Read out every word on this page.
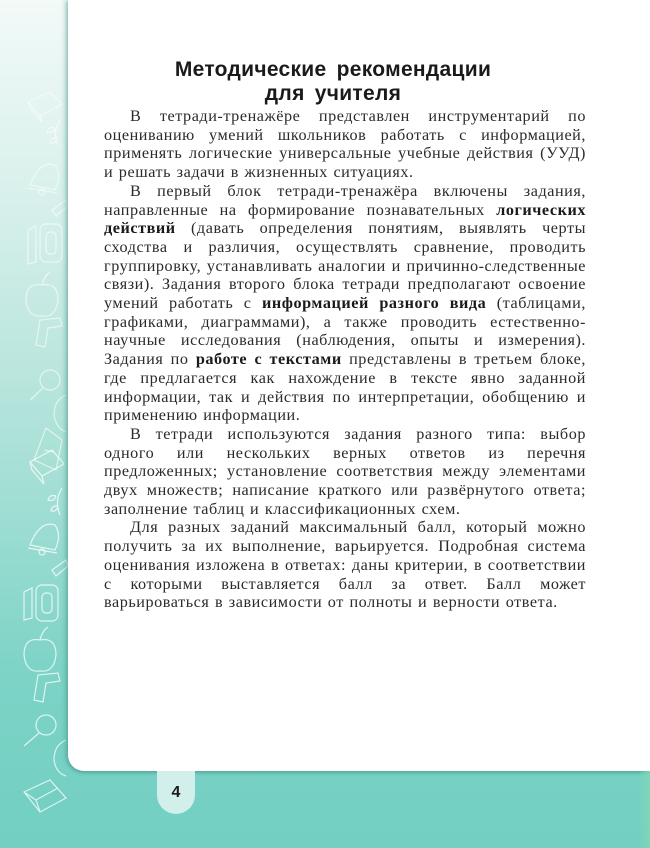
Методические рекомендации
для учителя

В тетради-тренажёре представлен инструментарий по оцениванию умений школьников работать с информацией, применять логические универсальные учебные действия (УУД) и решать задачи в жизненных ситуациях.

В первый блок тетради-тренажёра включены задания, направленные на формирование познавательных логических действий (давать определения понятиям, выявлять черты сходства и различия, осуществлять сравнение, проводить группировку, устанавливать аналогии и причинно-следственные связи). Задания второго блока тетради предполагают освоение умений работать с информацией разного вида (таблицами, графиками, диаграммами), а также проводить естественно-научные исследования (наблюдения, опыты и измерения). Задания по работе с текстами представлены в третьем блоке, где предлагается как нахождение в тексте явно заданной информации, так и действия по интерпретации, обобщению и применению информации.

В тетради используются задания разного типа: выбор одного или нескольких верных ответов из перечня предложенных; установление соответствия между элементами двух множеств; написание краткого или развёрнутого ответа; заполнение таблиц и классификационных схем.

Для разных заданий максимальный балл, который можно получить за их выполнение, варьируется. Подробная система оценивания изложена в ответах: даны критерии, в соответствии с которыми выставляется балл за ответ. Балл может варьироваться в зависимости от полноты и верности ответа.

4
